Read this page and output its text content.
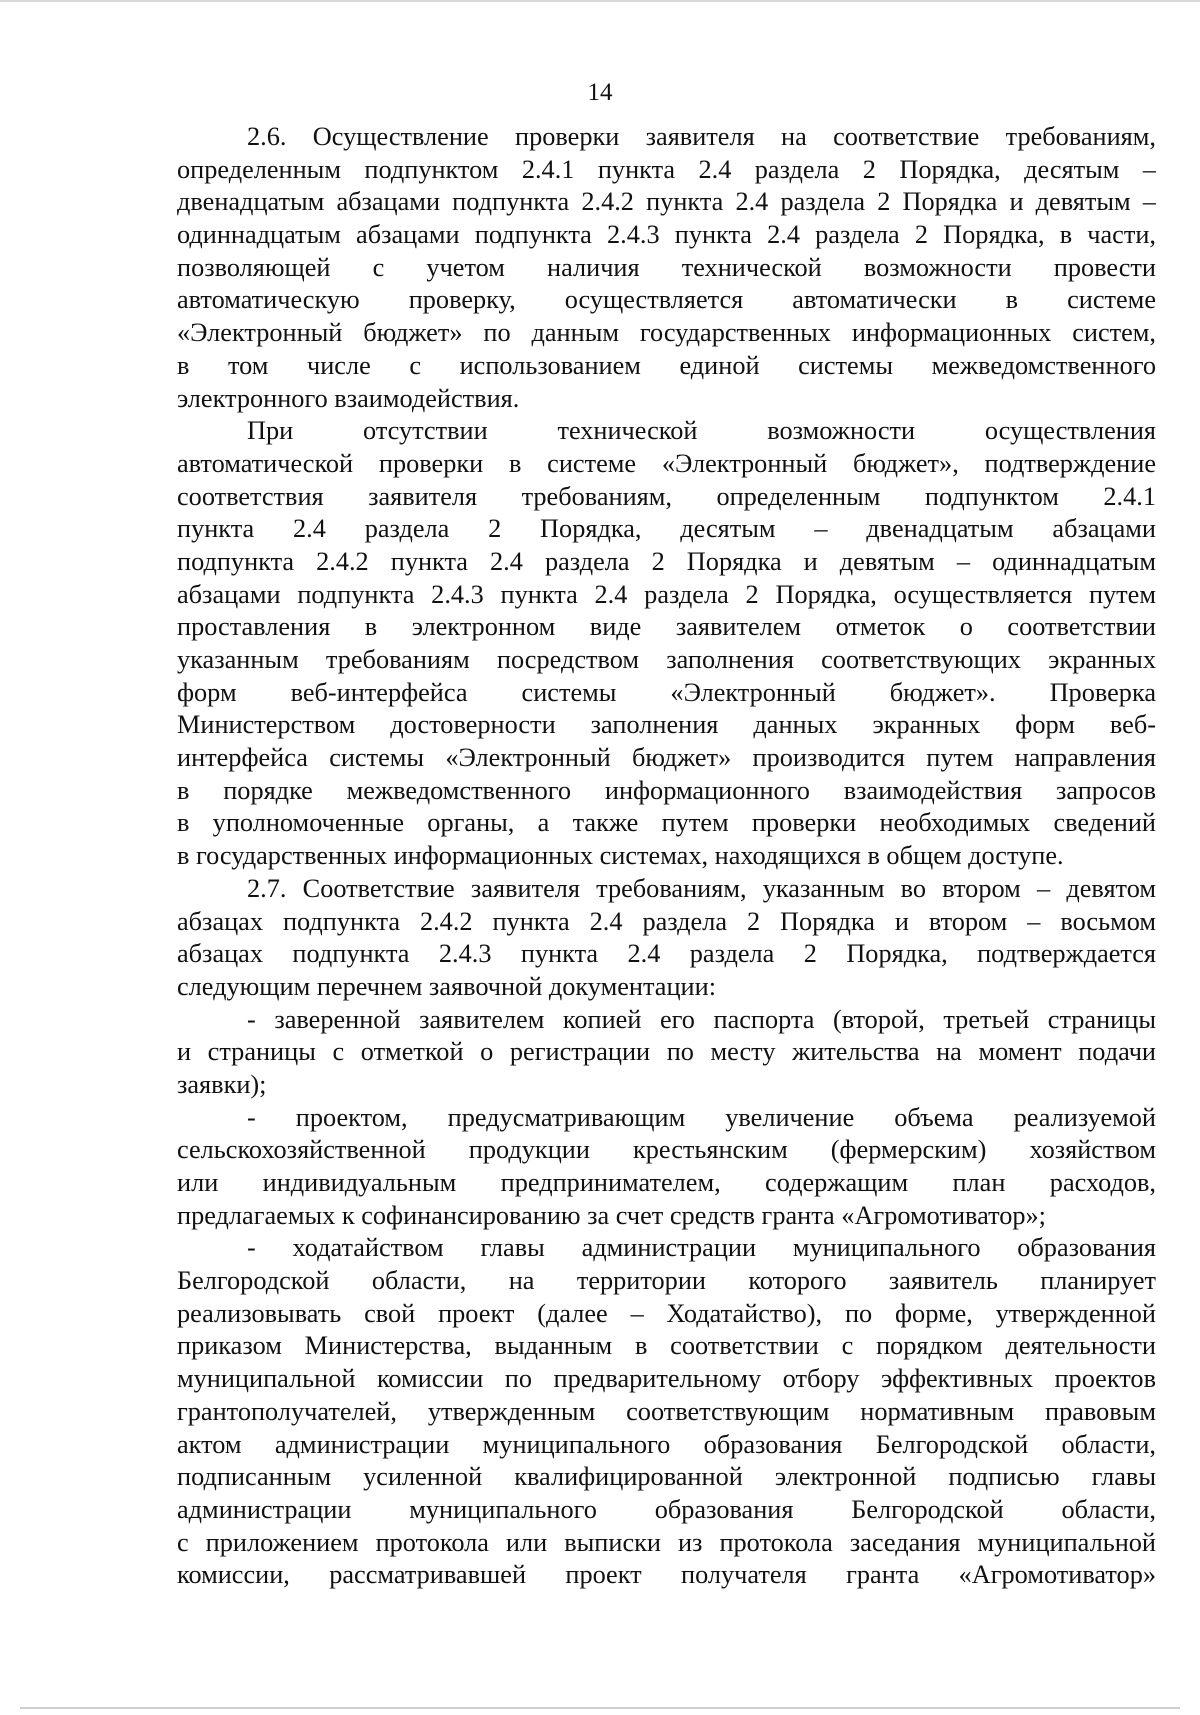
14
2.6. Осуществление проверки заявителя на соответствие требованиям,
определенным подпунктом 2.4.1 пункта 2.4 раздела 2 Порядка, десятым –
двенадцатым абзацами подпункта 2.4.2 пункта 2.4 раздела 2 Порядка и девятым –
одиннадцатым абзацами подпункта 2.4.3 пункта 2.4 раздела 2 Порядка, в части,
позволяющей с учетом наличия технической возможности провести
автоматическую проверку, осуществляется автоматически в системе
«Электронный бюджет» по данным государственных информационных систем,
в том числе с использованием единой системы межведомственного
электронного взаимодействия.
При отсутствии технической возможности осуществления
автоматической проверки в системе «Электронный бюджет», подтверждение
соответствия заявителя требованиям, определенным подпунктом 2.4.1
пункта 2.4 раздела 2 Порядка, десятым – двенадцатым абзацами
подпункта 2.4.2 пункта 2.4 раздела 2 Порядка и девятым – одиннадцатым
абзацами подпункта 2.4.3 пункта 2.4 раздела 2 Порядка, осуществляется путем
проставления в электронном виде заявителем отметок о соответствии
указанным требованиям посредством заполнения соответствующих экранных
форм веб-интерфейса системы «Электронный бюджет». Проверка
Министерством достоверности заполнения данных экранных форм веб-
интерфейса системы «Электронный бюджет» производится путем направления
в порядке межведомственного информационного взаимодействия запросов
в уполномоченные органы, а также путем проверки необходимых сведений
в государственных информационных системах, находящихся в общем доступе.
2.7. Соответствие заявителя требованиям, указанным во втором – девятом
абзацах подпункта 2.4.2 пункта 2.4 раздела 2 Порядка и втором – восьмом
абзацах подпункта 2.4.3 пункта 2.4 раздела 2 Порядка, подтверждается
следующим перечнем заявочной документации:
- заверенной заявителем копией его паспорта (второй, третьей страницы
и страницы с отметкой о регистрации по месту жительства на момент подачи
заявки);
- проектом, предусматривающим увеличение объема реализуемой
сельскохозяйственной продукции крестьянским (фермерским) хозяйством
или индивидуальным предпринимателем, содержащим план расходов,
предлагаемых к софинансированию за счет средств гранта «Агромотиватор»;
- ходатайством главы администрации муниципального образования
Белгородской области, на территории которого заявитель планирует
реализовывать свой проект (далее – Ходатайство), по форме, утвержденной
приказом Министерства, выданным в соответствии с порядком деятельности
муниципальной комиссии по предварительному отбору эффективных проектов
грантополучателей, утвержденным соответствующим нормативным правовым
актом администрации муниципального образования Белгородской области,
подписанным усиленной квалифицированной электронной подписью главы
администрации муниципального образования Белгородской области,
с приложением протокола или выписки из протокола заседания муниципальной
комиссии, рассматривавшей проект получателя гранта «Агромотиватор»
